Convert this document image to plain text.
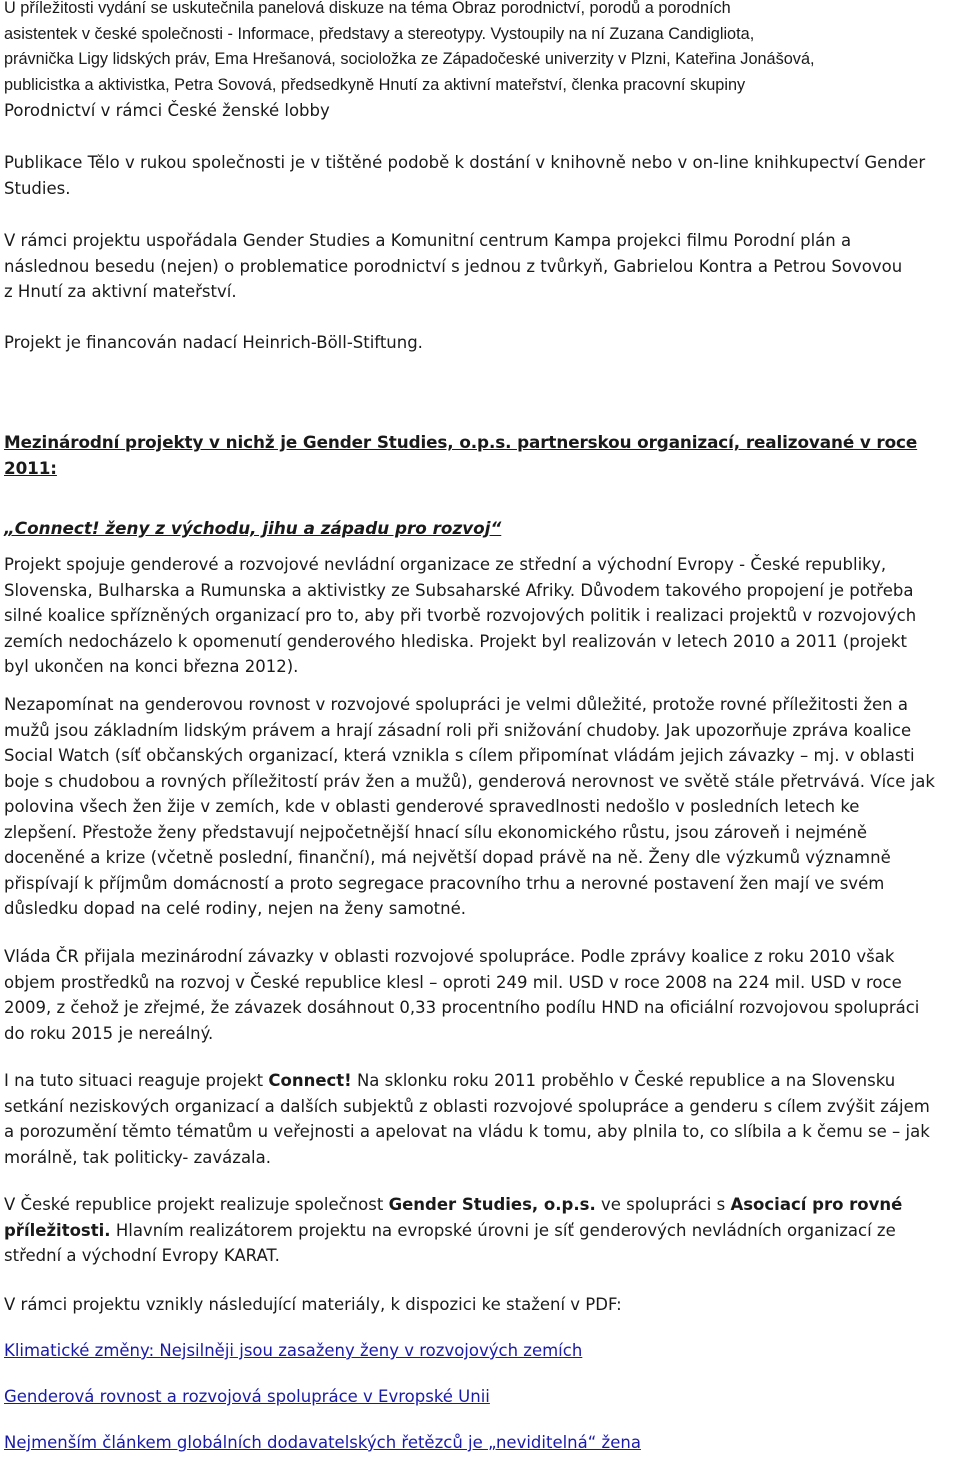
U příležitosti vydání se uskutečnila panelová diskuze na téma Obraz porodnictví, porodů a porodních

asistentek v české společnosti - Informace, představy a stereotypy. Vystoupily na ní Zuzana Candigliota,

právnička Ligy lidských práv, Ema Hrešanová, socioložka ze Západočeské univerzity v Plzni, Kateřina Jonášová,

publicistka a aktivistka, Petra Sovová, předsedkyně Hnutí za aktivní mateřství, členka pracovní skupiny

Porodnictví v rámci České ženské lobby

Publikace Tělo v rukou společnosti je v tištěné podobě k dostání v knihovně nebo v on-line knihkupectví Gender

Studies.

V rámci projektu uspořádala Gender Studies a Komunitní centrum Kampa projekci filmu Porodní plán a

následnou besedu (nejen) o problematice porodnictví s jednou z tvůrkyň, Gabrielou Kontra a Petrou Sovovou

z Hnutí za aktivní mateřství.

Projekt je financován nadací Heinrich-Böll-Stiftung.

Mezinárodní projekty v nichž je Gender Studies, o.p.s. partnerskou organizací, realizované v roce 2011:
„Connect! ženy z východu, jihu a západu pro rozvoj“

Projekt spojuje genderové a rozvojové nevládní organizace ze střední a východní Evropy - České republiky,

Slovenska, Bulharska a Rumunska a aktivistky ze Subsaharské Afriky. Důvodem takového propojení je potřeba

silné koalice spřízněných organizací pro to, aby při tvorbě rozvojových politik i realizaci projektů v rozvojových

zemích nedocházelo k opomenutí genderového hlediska. Projekt byl realizován v letech 2010 a 2011 (projekt

byl ukončen na konci března 2012).

Nezapomínat na genderovou rovnost v rozvojové spolupráci je velmi důležité, protože rovné příležitosti žen a

mužů jsou základním lidským právem a hrají zásadní roli při snižování chudoby. Jak upozorňuje zpráva koalice

Social Watch (síť občanských organizací, která vznikla s cílem připomínat vládám jejich závazky – mj. v oblasti

boje s chudobou a rovných příležitostí práv žen a mužů), genderová nerovnost ve světě stále přetrvává. Více jak

polovina všech žen žije v zemích, kde v oblasti genderové spravedlnosti nedošlo v posledních letech ke

zlepšení. Přestože ženy představují nejpočetnější hnací sílu ekonomického růstu, jsou zároveň i nejméně

doceněné a krize (včetně poslední, finanční), má největší dopad právě na ně. Ženy dle výzkumů významně

přispívají k příjmům domácností a proto segregace pracovního trhu a nerovné postavení žen mají ve svém

důsledku dopad na celé rodiny, nejen na ženy samotné.

Vláda ČR přijala mezinárodní závazky v oblasti rozvojové spolupráce. Podle zprávy koalice z roku 2010 však

objem prostředků na rozvoj v České republice klesl – oproti 249 mil. USD v roce 2008 na 224 mil. USD v roce

2009, z čehož je zřejmé, že závazek dosáhnout 0,33 procentního podílu HND na oficiální rozvojovou spolupráci

do roku 2015 je nereálný.

I na tuto situaci reaguje projekt Connect! Na sklonku roku 2011 proběhlo v České republice a na Slovensku

setkání neziskových organizací a dalších subjektů z oblasti rozvojové spolupráce a genderu s cílem zvýšit zájem

a porozumění těmto tématům u veřejnosti a apelovat na vládu k tomu, aby plnila to, co slíbila a k čemu se – jak

morálně, tak politicky- zavázala.

V České republice projekt realizuje společnost Gender Studies, o.p.s. ve spolupráci s Asociací pro rovné

příležitosti. Hlavním realizátorem projektu na evropské úrovni je síť genderových nevládních organizací ze

střední a východní Evropy KARAT.

V rámci projektu vznikly následující materiály, k dispozici ke stažení v PDF:

Klimatické změny: Nejsilněji jsou zasaženy ženy v rozvojových zemích
Genderová rovnost a rozvojová spolupráce v Evropské Unii
Nejmenším článkem globálních dodavatelských řetězců je „neviditelná“ žena
